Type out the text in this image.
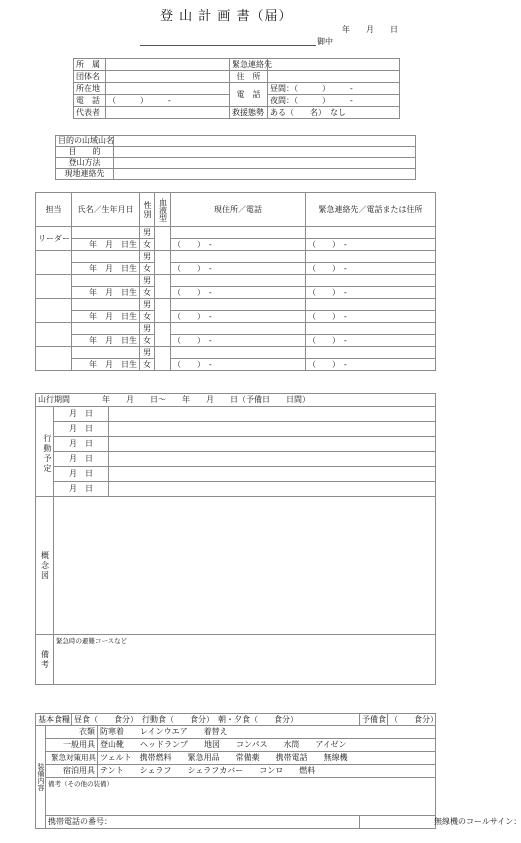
登 山 計 画 書（届）
年　　月　　日
御中
所　属		緊急連絡先	
団体名		住　所	
所在地		電　話	昼間：（　　　）　　　-
電　話	（　　　）　　　-		夜間：（　　　）　　　-
代表者		救援態勢	ある（　　名）　なし
目的の山域山名	
目　　的	
登山方法	
現地連絡先	
担当	氏名／生年月日	性別	血液型	現住所／電話	緊急連絡先／電話または住所
リーダー		男			
	年　月　日生	女		（　　）　-	（　　）　-
		男			
	年　月　日生	女		（　　）　-	（　　）　-
		男			
	年　月　日生	女		（　　）　-	（　　）　-
		男			
	年　月　日生	女		（　　）　-	（　　）　-
		男			
	年　月　日生	女		（　　）　-	（　　）　-
		男			
	年　月　日生	女		（　　）　-	（　　）　-
山行期間　　　　年　　月　　日〜　　年　　月　　日（予備日　　日間）		
行動予定	月　日	
	月　日	
	月　日	
	月　日	
	月　日	
	月　日	
概念図		
備考	緊急時の避難コースなど	
基本食糧		昼食（　　食分）　行動食（　　食分）　朝・夕食（　　食分）		予備食	（　　食分）
装備内容	衣類		防寒着　　レインウエア　　着替え		
	一般用具		登山靴　　ヘッドランプ　　地図　　コンパス　　水筒　　アイゼン		
	緊急対策用具		ツェルト　携帯燃料　　緊急用品　　常備薬　　携帯電話　　無線機		
	宿泊用具		テント　　シェラフ　　シェラフカバー　　コンロ　　燃料		
	備考（その他の装備）				
	携帯電話の番号：			無線機のコールサイン：	
